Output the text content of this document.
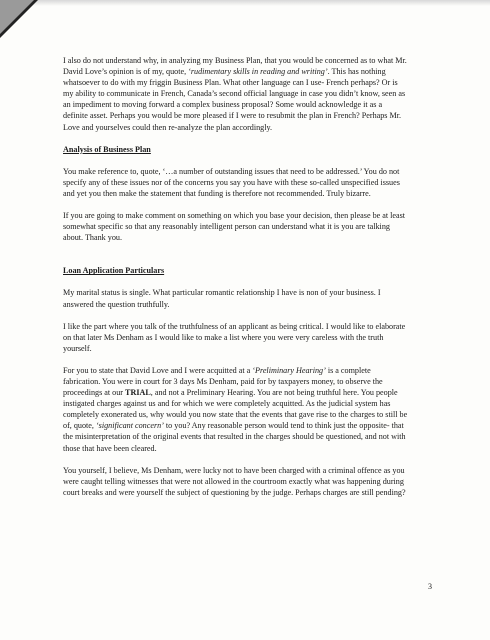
I also do not understand why, in analyzing my Business Plan, that you would be concerned as to what Mr. David Love’s opinion is of my, quote, ‘rudimentary skills in reading and writing’. This has nothing whatsoever to do with my friggin Business Plan. What other language can I use- French perhaps? Or is my ability to communicate in French, Canada’s second official language in case you didn’t know, seen as an impediment to moving forward a complex business proposal? Some would acknowledge it as a definite asset. Perhaps you would be more pleased if I were to resubmit the plan in French? Perhaps Mr. Love and yourselves could then re-analyze the plan accordingly.

Analysis of Business Plan

You make reference to, quote, ‘…a number of outstanding issues that need to be addressed.’ You do not specify any of these issues nor of the concerns you say you have with these so-called unspecified issues and yet you then make the statement that funding is therefore not recommended. Truly bizarre.

If you are going to make comment on something on which you base your decision, then please be at least somewhat specific so that any reasonably intelligent person can understand what it is you are talking about. Thank you.

Loan Application Particulars

My marital status is single. What particular romantic relationship I have is non of your business. I answered the question truthfully.

I like the part where you talk of the truthfulness of an applicant as being critical. I would like to elaborate on that later Ms Denham as I would like to make a list where you were very careless with the truth yourself.

For you to state that David Love and I were acquitted at a ‘Preliminary Hearing’ is a complete fabrication. You were in court for 3 days Ms Denham, paid for by taxpayers money, to observe the proceedings at our TRIAL, and not a Preliminary Hearing. You are not being truthful here. You people instigated charges against us and for which we were completely acquitted. As the judicial system has completely exonerated us, why would you now state that the events that gave rise to the charges to still be of, quote, ‘significant concern’ to you? Any reasonable person would tend to think just the opposite- that the misinterpretation of the original events that resulted in the charges should be questioned, and not with those that have been cleared.

You yourself, I believe, Ms Denham, were lucky not to have been charged with a criminal offence as you were caught telling witnesses that were not allowed in the courtroom exactly what was happening during court breaks and were yourself the subject of questioning by the judge. Perhaps charges are still pending?

3
